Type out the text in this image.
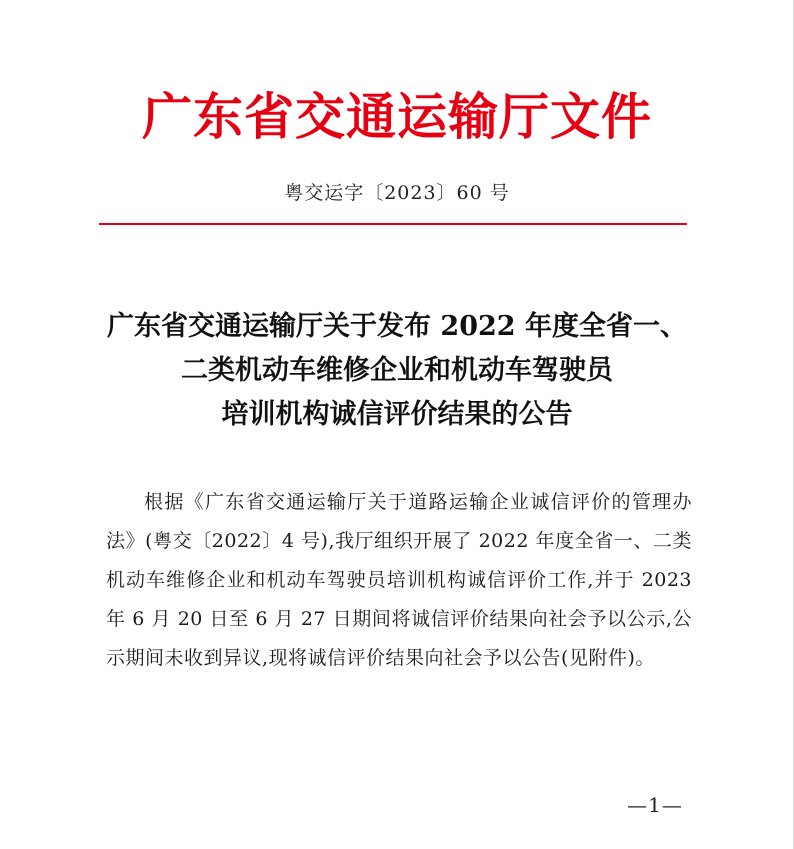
广东省交通运输厅文件
粤交运字〔2023〕60 号
广东省交通运输厅关于发布 2022 年度全省一、
二类机动车维修企业和机动车驾驶员
培训机构诚信评价结果的公告
根据《广东省交通运输厅关于道路运输企业诚信评价的管理办法》(粤交〔2022〕4 号),我厅组织开展了 2022 年度全省一、二类机动车维修企业和机动车驾驶员培训机构诚信评价工作,并于 2023 年 6 月 20 日至 6 月 27 日期间将诚信评价结果向社会予以公示,公示期间未收到异议,现将诚信评价结果向社会予以公告(见附件)。
—1—
